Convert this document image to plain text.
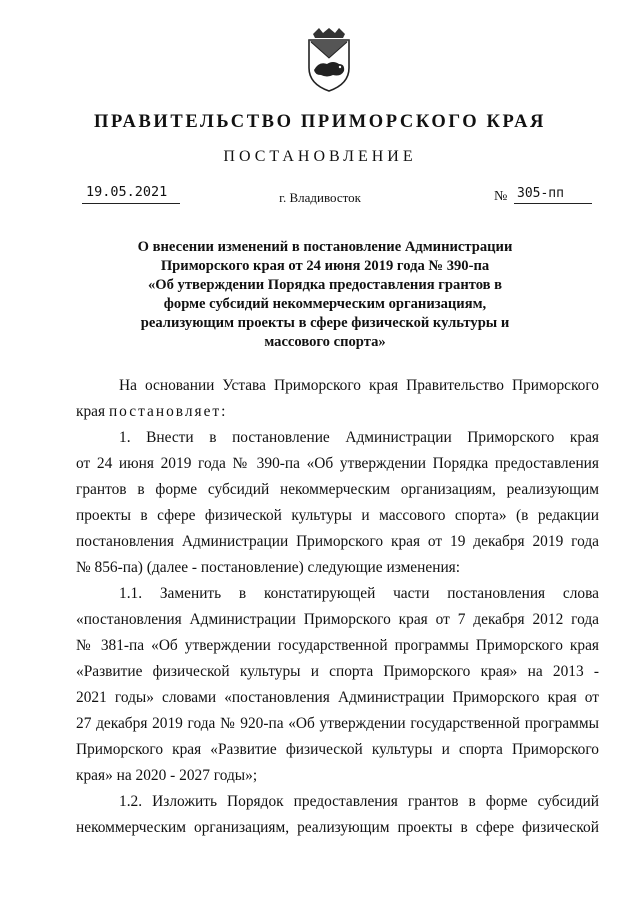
ПРАВИТЕЛЬСТВО ПРИМОРСКОГО КРАЯ
ПОСТАНОВЛЕНИЕ
19.05.2021	г. Владивосток	№ 305-пп
О внесении изменений в постановление Администрации
Приморского края от 24 июня 2019 года № 390-па
«Об утверждении Порядка предоставления грантов в
форме субсидий некоммерческим организациям,
реализующим проекты в сфере физической культуры и
массового спорта»
На основании Устава Приморского края Правительство Приморского
края постановляет:
1. Внести в постановление Администрации Приморского края
от 24 июня 2019 года № 390-па «Об утверждении Порядка предоставления
грантов в форме субсидий некоммерческим организациям, реализующим
проекты в сфере физической культуры и массового спорта» (в редакции
постановления Администрации Приморского края от 19 декабря 2019 года
№ 856-па) (далее - постановление) следующие изменения:
1.1. Заменить в констатирующей части постановления слова
«постановления Администрации Приморского края от 7 декабря 2012 года
№ 381-па «Об утверждении государственной программы Приморского края
«Развитие физической культуры и спорта Приморского края» на 2013 -
2021 годы» словами «постановления Администрации Приморского края от
27 декабря 2019 года № 920-па «Об утверждении государственной программы
Приморского края «Развитие физической культуры и спорта Приморского
края» на 2020 - 2027 годы»;
1.2. Изложить Порядок предоставления грантов в форме субсидий
некоммерческим организациям, реализующим проекты в сфере физической
